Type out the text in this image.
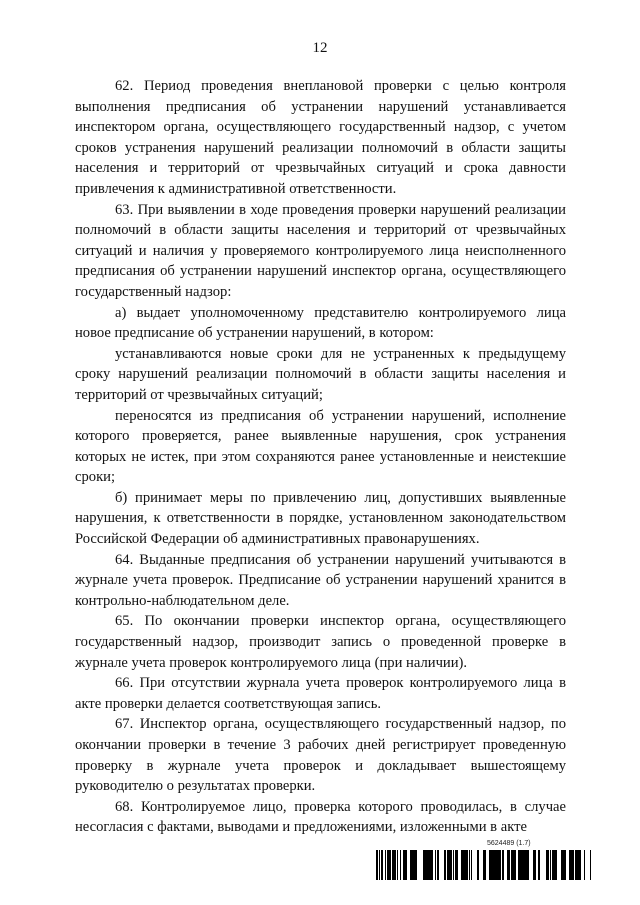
12

62. Период проведения внеплановой проверки с целью контроля выполнения предписания об устранении нарушений устанавливается инспектором органа, осуществляющего государственный надзор, с учетом сроков устранения нарушений реализации полномочий в области защиты населения и территорий от чрезвычайных ситуаций и срока давности привлечения к административной ответственности.

63. При выявлении в ходе проведения проверки нарушений реализации полномочий в области защиты населения и территорий от чрезвычайных ситуаций и наличия у проверяемого контролируемого лица неисполненного предписания об устранении нарушений инспектор органа, осуществляющего государственный надзор:

а) выдает уполномоченному представителю контролируемого лица новое предписание об устранении нарушений, в котором:

устанавливаются новые сроки для не устраненных к предыдущему сроку нарушений реализации полномочий в области защиты населения и территорий от чрезвычайных ситуаций;

переносятся из предписания об устранении нарушений, исполнение которого проверяется, ранее выявленные нарушения, срок устранения которых не истек, при этом сохраняются ранее установленные и неистекшие сроки;

б) принимает меры по привлечению лиц, допустивших выявленные нарушения, к ответственности в порядке, установленном законодательством Российской Федерации об административных правонарушениях.

64. Выданные предписания об устранении нарушений учитываются в журнале учета проверок. Предписание об устранении нарушений хранится в контрольно-наблюдательном деле.

65. По окончании проверки инспектор органа, осуществляющего государственный надзор, производит запись о проведенной проверке в журнале учета проверок контролируемого лица (при наличии).

66. При отсутствии журнала учета проверок контролируемого лица в акте проверки делается соответствующая запись.

67. Инспектор органа, осуществляющего государственный надзор, по окончании проверки в течение 3 рабочих дней регистрирует проведенную проверку в журнале учета проверок и докладывает вышестоящему руководителю о результатах проверки.

68. Контролируемое лицо, проверка которого проводилась, в случае несогласия с фактами, выводами и предложениями, изложенными в акте

5624489 (1.7)
